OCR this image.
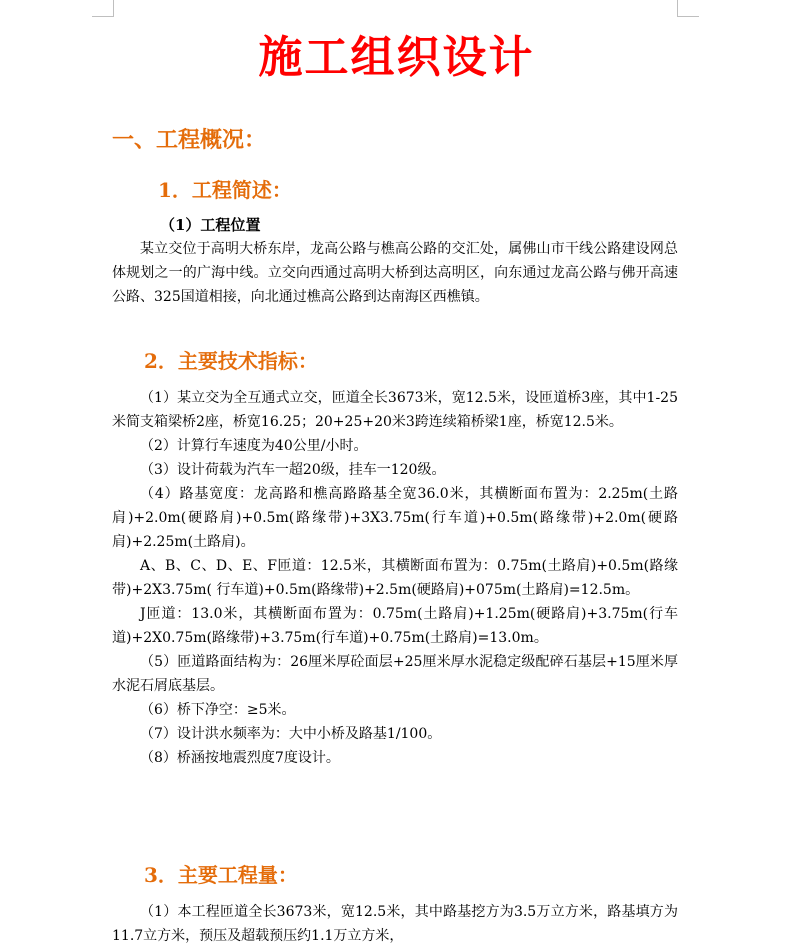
施工组织设计
一、工程概况：
1．工程简述：
（1）工程位置

某立交位于高明大桥东岸，龙高公路与樵高公路的交汇处，属佛山市干线公路建设网总体规划之一的广海中线。立交向西通过高明大桥到达高明区，向东通过龙高公路与佛开高速公路、325国道相接，向北通过樵高公路到达南海区西樵镇。

2．主要技术指标：

（1）某立交为全互通式立交，匝道全长3673米，宽12.5米，设匝道桥3座，其中1-25米简支箱梁桥2座，桥宽16.25；20+25+20米3跨连续箱桥梁1座，桥宽12.5米。

（2）计算行车速度为40公里/小时。

（3）设计荷载为汽车一超20级，挂车一120级。

（4）路基宽度：龙高路和樵高路路基全宽36.0米，其横断面布置为：2.25m(土路肩)+2.0m(硬路肩)+0.5m(路缘带)+3X3.75m(行车道)+0.5m(路缘带)+2.0m(硬路肩)+2.25m(土路肩)。

A、B、C、D、E、F匝道：12.5米，其横断面布置为：0.75m(土路肩)+0.5m(路缘带)+2X3.75m( 行车道)+0.5m(路缘带)+2.5m(硬路肩)+075m(土路肩)=12.5m。

J匝道：13.0米，其横断面布置为：0.75m(土路肩)+1.25m(硬路肩)+3.75m(行车道)+2X0.75m(路缘带)+3.75m(行车道)+0.75m(土路肩)=13.0m。

（5）匝道路面结构为：26厘米厚砼面层+25厘米厚水泥稳定级配碎石基层+15厘米厚水泥石屑底基层。

（6）桥下净空：≥5米。

（7）设计洪水频率为：大中小桥及路基1/100。

（8）桥涵按地震烈度7度设计。

3．主要工程量：

（1）本工程匝道全长3673米，宽12.5米，其中路基挖方为3.5万立方米，路基填方为11.7立方米，预压及超载预压约1.1万立方米，
